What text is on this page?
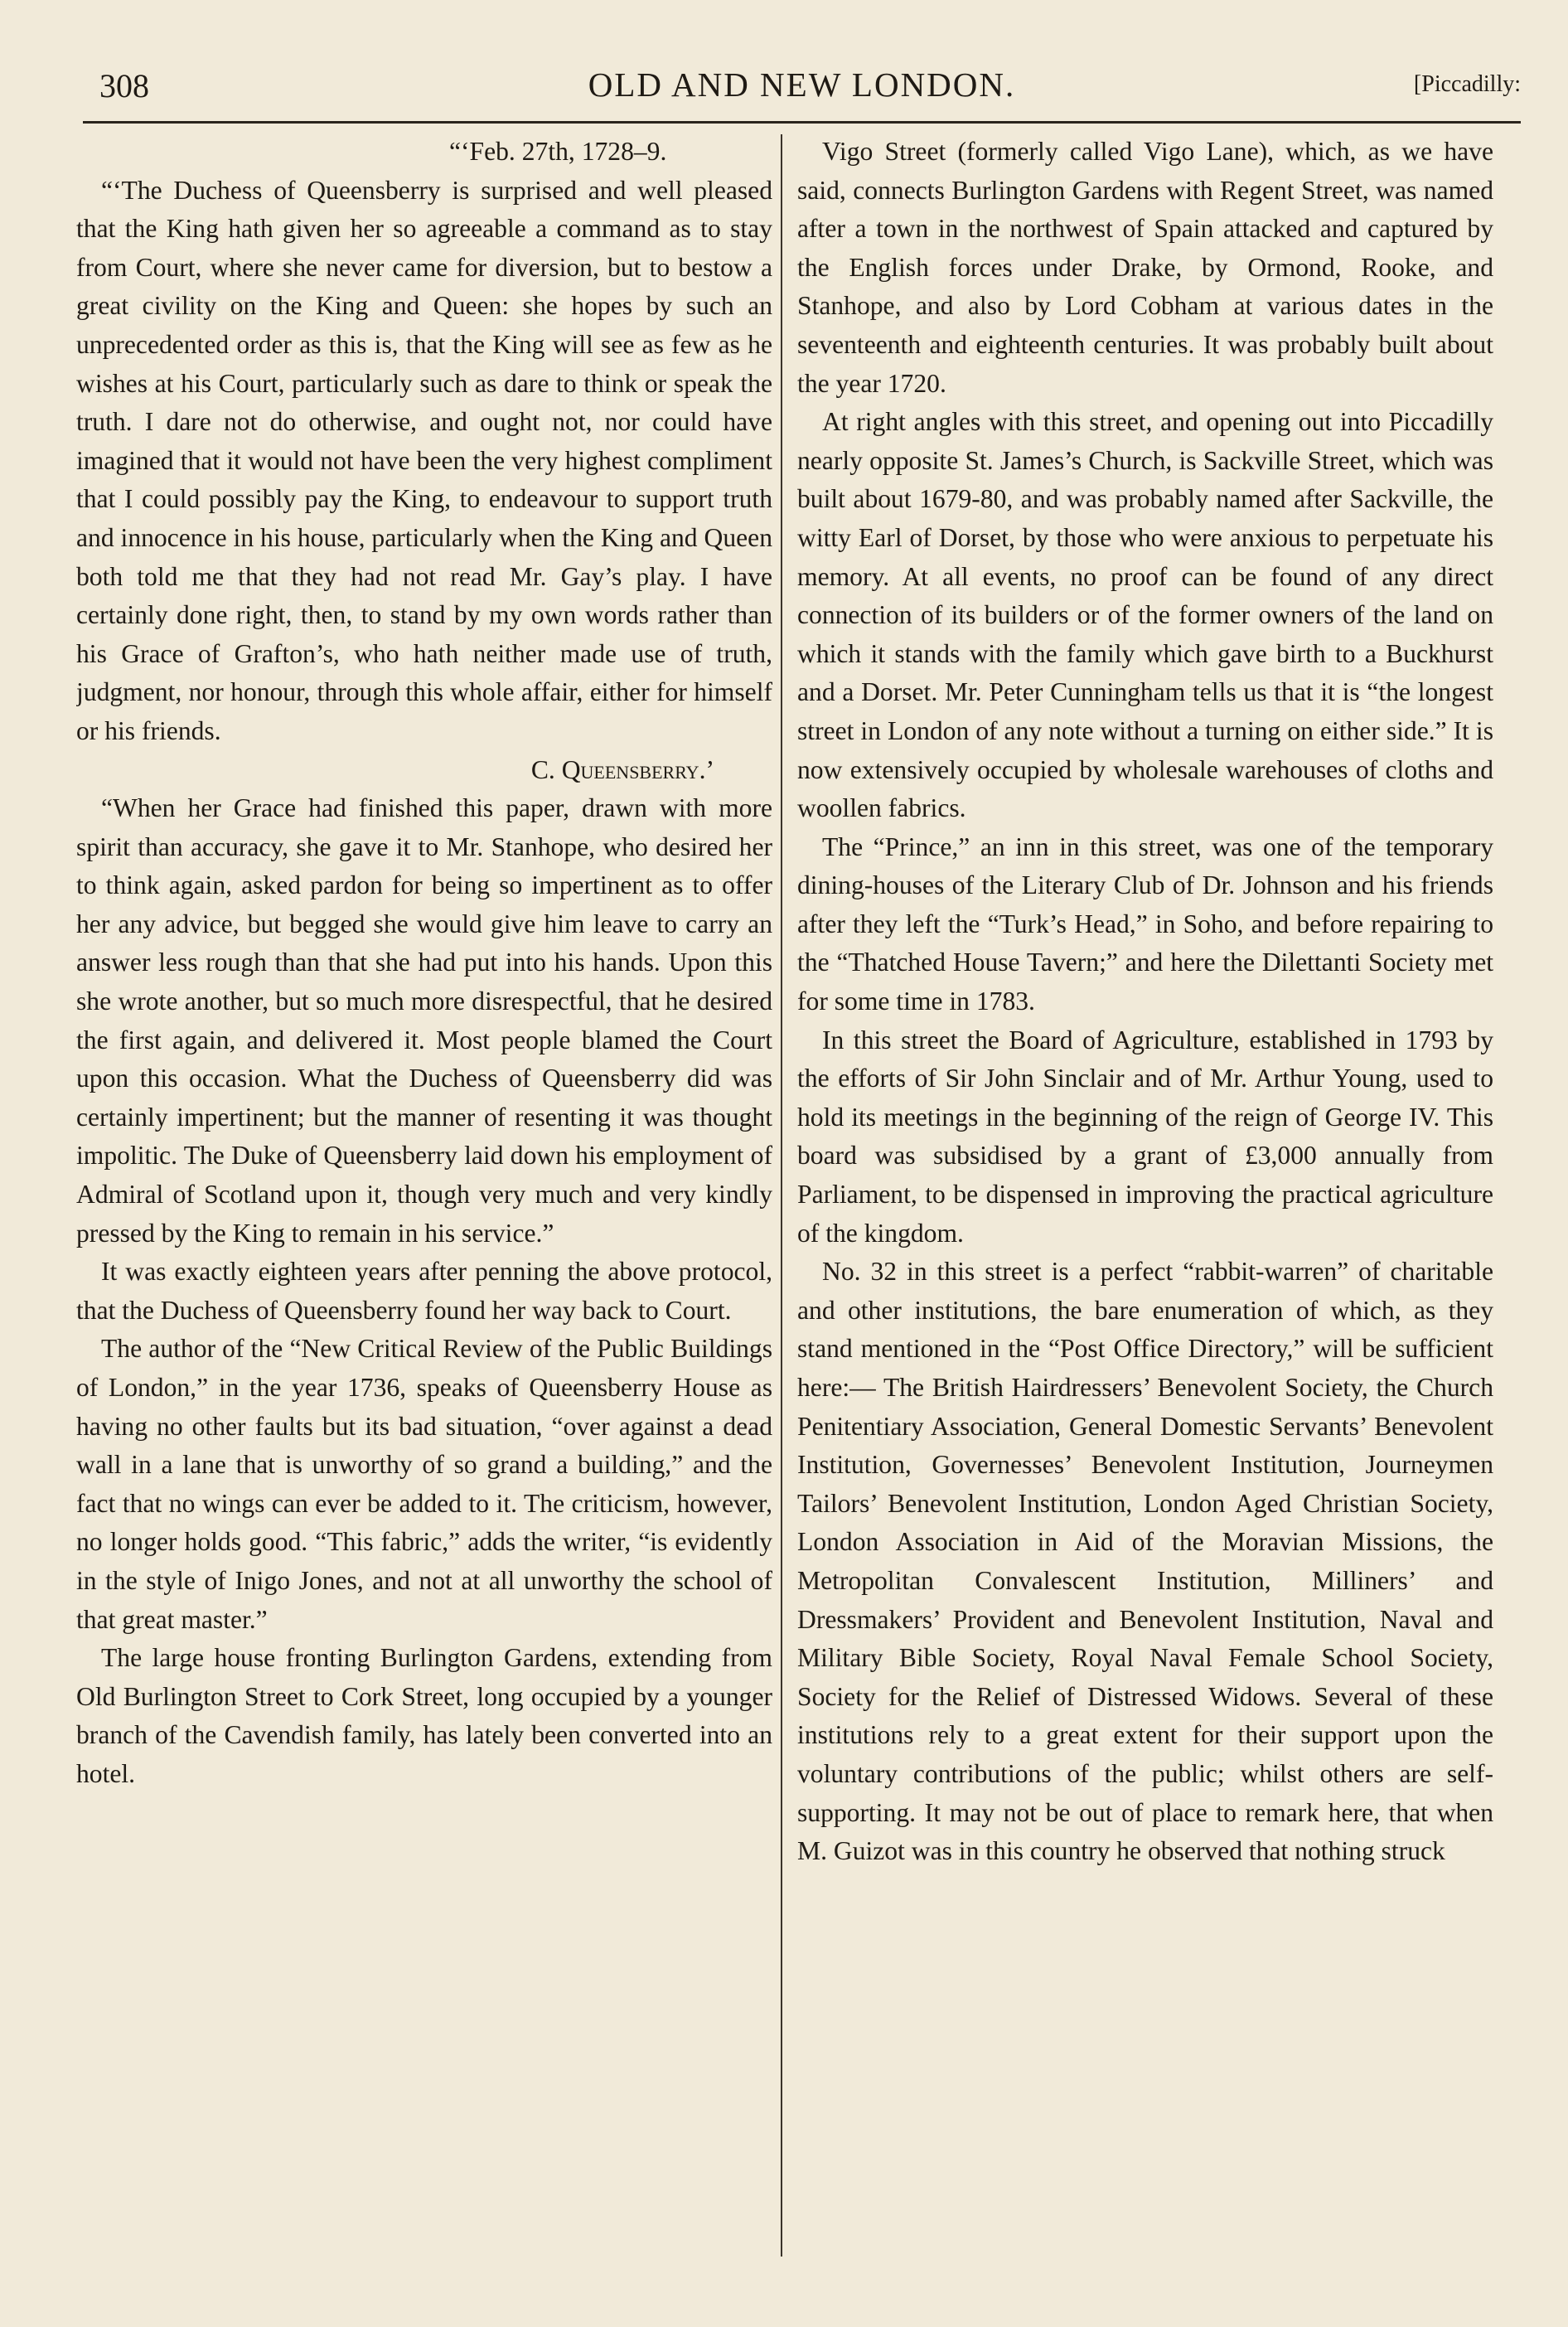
308	OLD AND NEW LONDON.	[Piccadilly:

“‘Feb. 27th, 1728–9.

“‘The Duchess of Queensberry is surprised and well pleased that the King hath given her so agreeable a command as to stay from Court, where she never came for diversion, but to bestow a great civility on the King and Queen: she hopes by such an unprecedented order as this is, that the King will see as few as he wishes at his Court, particularly such as dare to think or speak the truth. I dare not do otherwise, and ought not, nor could have imagined that it would not have been the very highest compliment that I could possibly pay the King, to endeavour to support truth and innocence in his house, particularly when the King and Queen both told me that they had not read Mr. Gay’s play. I have certainly done right, then, to stand by my own words rather than his Grace of Grafton’s, who hath neither made use of truth, judgment, nor honour, through this whole affair, either for himself or his friends.

C. Queensberry.’

“When her Grace had finished this paper, drawn with more spirit than accuracy, she gave it to Mr. Stanhope, who desired her to think again, asked pardon for being so impertinent as to offer her any advice, but begged she would give him leave to carry an answer less rough than that she had put into his hands. Upon this she wrote another, but so much more disrespectful, that he desired the first again, and delivered it. Most people blamed the Court upon this occasion. What the Duchess of Queensberry did was certainly impertinent; but the manner of resenting it was thought impolitic. The Duke of Queensberry laid down his employment of Admiral of Scotland upon it, though very much and very kindly pressed by the King to remain in his service.”

It was exactly eighteen years after penning the above protocol, that the Duchess of Queensberry found her way back to Court.

The author of the “New Critical Review of the Public Buildings of London,” in the year 1736, speaks of Queensberry House as having no other faults but its bad situation, “over against a dead wall in a lane that is unworthy of so grand a building,” and the fact that no wings can ever be added to it. The criticism, however, no longer holds good. “This fabric,” adds the writer, “is evidently in the style of Inigo Jones, and not at all unworthy the school of that great master.”

The large house fronting Burlington Gardens, extending from Old Burlington Street to Cork Street, long occupied by a younger branch of the Cavendish family, has lately been converted into an hotel.

Vigo Street (formerly called Vigo Lane), which, as we have said, connects Burlington Gardens with Regent Street, was named after a town in the northwest of Spain attacked and captured by the English forces under Drake, by Ormond, Rooke, and Stanhope, and also by Lord Cobham at various dates in the seventeenth and eighteenth centuries. It was probably built about the year 1720.

At right angles with this street, and opening out into Piccadilly nearly opposite St. James’s Church, is Sackville Street, which was built about 1679-80, and was probably named after Sackville, the witty Earl of Dorset, by those who were anxious to perpetuate his memory. At all events, no proof can be found of any direct connection of its builders or of the former owners of the land on which it stands with the family which gave birth to a Buckhurst and a Dorset. Mr. Peter Cunningham tells us that it is “the longest street in London of any note without a turning on either side.” It is now extensively occupied by wholesale warehouses of cloths and woollen fabrics.

The “Prince,” an inn in this street, was one of the temporary dining-houses of the Literary Club of Dr. Johnson and his friends after they left the “Turk’s Head,” in Soho, and before repairing to the “Thatched House Tavern;” and here the Dilettanti Society met for some time in 1783.

In this street the Board of Agriculture, established in 1793 by the efforts of Sir John Sinclair and of Mr. Arthur Young, used to hold its meetings in the beginning of the reign of George IV. This board was subsidised by a grant of £3,000 annually from Parliament, to be dispensed in improving the practical agriculture of the kingdom.

No. 32 in this street is a perfect “rabbit-warren” of charitable and other institutions, the bare enumeration of which, as they stand mentioned in the “Post Office Directory,” will be sufficient here:— The British Hairdressers’ Benevolent Society, the Church Penitentiary Association, General Domestic Servants’ Benevolent Institution, Governesses’ Benevolent Institution, Journeymen Tailors’ Benevolent Institution, London Aged Christian Society, London Association in Aid of the Moravian Missions, the Metropolitan Convalescent Institution, Milliners’ and Dressmakers’ Provident and Benevolent Institution, Naval and Military Bible Society, Royal Naval Female School Society, Society for the Relief of Distressed Widows. Several of these institutions rely to a great extent for their support upon the voluntary contributions of the public; whilst others are self-supporting. It may not be out of place to remark here, that when M. Guizot was in this country he observed that nothing struck
